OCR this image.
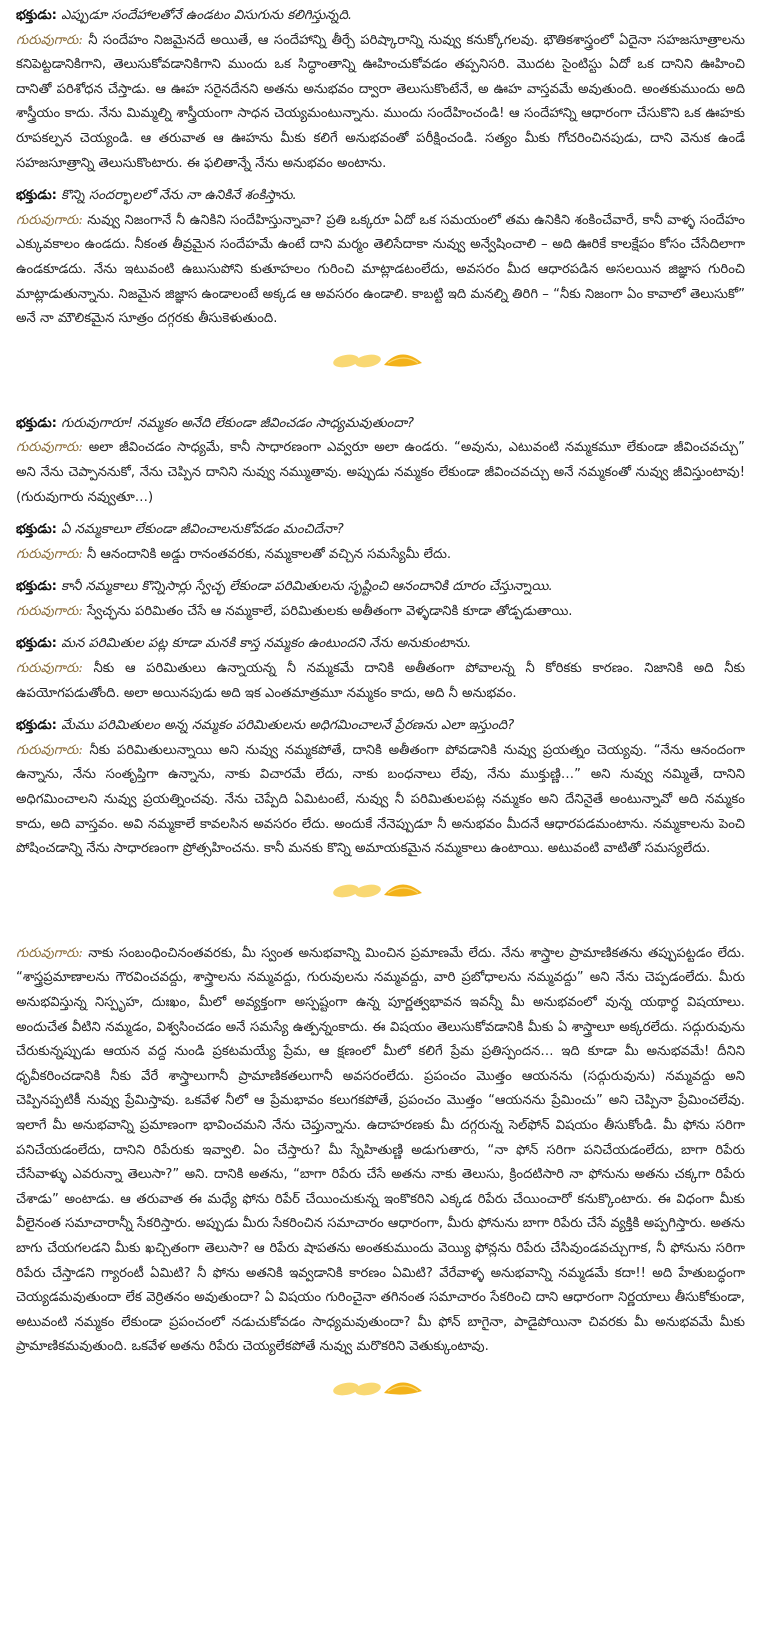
భక్తుడు: ఎప్పుడూ సందేహాలతోనే ఉండటం విసుగును కలిగిస్తున్నది.

గురువుగారు: నీ సందేహం నిజమైనదే అయితే, ఆ సందేహాన్ని తీర్చే పరిష్కారాన్ని నువ్వు కనుక్కోగలవు. భౌతికశాస్త్రంలో ఏదైనా సహజసూత్రాలను కనిపెట్టడానికిగాని, తెలుసుకోవడానికిగాని ముందు ఒక సిద్ధాంతాన్ని ఊహించుకోవడం తప్పనిసరి. మొదట సైంటిస్టు ఏదో ఒక దానిని ఊహించి దానితో పరిశోధన చేస్తాడు. ఆ ఊహ సరైనదేనని అతను అనుభవం ద్వారా తెలుసుకొంటేనే, అ ఊహ వాస్తవమే అవుతుంది. అంతకుముందు అది శాస్త్రీయం కాదు. నేను మిమ్మల్ని శాస్త్రీయంగా సాధన చెయ్యమంటున్నాను. ముందు సందేహించండి! ఆ సందేహాన్ని ఆధారంగా చేసుకొని ఒక ఊహకు రూపకల్పన చెయ్యండి. ఆ తరువాత ఆ ఊహను మీకు కలిగే అనుభవంతో పరీక్షించండి. సత్యం మీకు గోచరించినపుడు, దాని వెనుక ఉండే సహజసూత్రాన్ని తెలుసుకొంటారు. ఈ ఫలితాన్నే నేను అనుభవం అంటాను.

భక్తుడు: కొన్ని సందర్భాలలో నేను నా ఉనికినే శంకిస్తాను.

గురువుగారు: నువ్వు నిజంగానే నీ ఉనికిని సందేహిస్తున్నావా? ప్రతి ఒక్కరూ ఏదో ఒక సమయంలో తమ ఉనికిని శంకించేవారే, కానీ వాళ్ళ సందేహం ఎక్కువకాలం ఉండదు. నీకంత తీవ్రమైన సందేహమే ఉంటే దాని మర్మం తెలిసేదాకా నువ్వు అన్వేషించాలి – అది ఊరికే కాలక్షేపం కోసం చేసేదిలాగా ఉండకూడదు. నేను ఇటువంటి ఉబుసుపోని కుతూహలం గురించి మాట్లాడటంలేదు, అవసరం మీద ఆధారపడిన అసలయిన జిజ్ఞాస గురించి మాట్లాడుతున్నాను. నిజమైన జిజ్ఞాస ఉండాలంటే అక్కడ ఆ అవసరం ఉండాలి. కాబట్టి ఇది మనల్ని తిరిగి – “నీకు నిజంగా ఏం కావాలో తెలుసుకో” అనే నా మౌలికమైన సూత్రం దగ్గరకు తీసుకెళుతుంది.

భక్తుడు: గురువుగారూ! నమ్మకం అనేది లేకుండా జీవించడం సాధ్యమవుతుందా?

గురువుగారు: అలా జీవించడం సాధ్యమే, కానీ సాధారణంగా ఎవ్వరూ అలా ఉండరు. “అవును, ఎటువంటి నమ్మకమూ లేకుండా జీవించవచ్చు” అని నేను చెప్పాననుకో, నేను చెప్పిన దానిని నువ్వు నమ్ముతావు. అప్పుడు నమ్మకం లేకుండా జీవించవచ్చు అనే నమ్మకంతో నువ్వు జీవిస్తుంటావు! (గురువుగారు నవ్వుతూ…)

భక్తుడు: ఏ నమ్మకాలూ లేకుండా జీవించాలనుకోవడం మంచిదేనా?

గురువుగారు: నీ ఆనందానికి అడ్డు రానంతవరకు, నమ్మకాలతో వచ్చిన సమస్యేమీ లేదు.

భక్తుడు: కానీ నమ్మకాలు కొన్నిసార్లు స్వేచ్ఛ లేకుండా పరిమితులను సృష్టించి ఆనందానికి దూరం చేస్తున్నాయి.

గురువుగారు: స్వేచ్ఛను పరిమితం చేసే ఆ నమ్మకాలే, పరిమితులకు అతీతంగా వెళ్ళడానికి కూడా తోడ్పడుతాయి.

భక్తుడు: మన పరిమితుల పట్ల కూడా మనకి కాస్త నమ్మకం ఉంటుందని నేను అనుకుంటాను.

గురువుగారు: నీకు ఆ పరిమితులు ఉన్నాయన్న నీ నమ్మకమే దానికి అతీతంగా పోవాలన్న నీ కోరికకు కారణం. నిజానికి అది నీకు ఉపయోగపడుతోంది. అలా అయినపుడు అది ఇక ఎంతమాత్రమూ నమ్మకం కాదు, అది నీ అనుభవం.

భక్తుడు: మేము పరిమితులం అన్న నమ్మకం పరిమితులను అధిగమించాలనే ప్రేరణను ఎలా ఇస్తుంది?

గురువుగారు: నీకు పరిమితులున్నాయి అని నువ్వు నమ్మకపోతే, దానికి అతీతంగా పోవడానికి నువ్వు ప్రయత్నం చెయ్యవు. “నేను ఆనందంగా ఉన్నాను, నేను సంతృప్తిగా ఉన్నాను, నాకు విచారమే లేదు, నాకు బంధనాలు లేవు, నేను ముక్తుణ్ణి…” అని నువ్వు నమ్మితే, దానిని అధిగమించాలని నువ్వు ప్రయత్నించవు. నేను చెప్పేది ఏమిటంటే, నువ్వు నీ పరిమితులపట్ల నమ్మకం అని దేనినైతే అంటున్నావో అది నమ్మకం కాదు, అది వాస్తవం. అవి నమ్మకాలే కావలసిన అవసరం లేదు. అందుకే నేనెప్పుడూ నీ అనుభవం మీదనే ఆధారపడమంటాను. నమ్మకాలను పెంచి పోషించడాన్ని నేను సాధారణంగా ప్రోత్సహించను. కానీ మనకు కొన్ని అమాయకమైన నమ్మకాలు ఉంటాయి. అటువంటి వాటితో సమస్యలేదు.

గురువుగారు: నాకు సంబంధించినంతవరకు, మీ స్వంత అనుభవాన్ని మించిన ప్రమాణమే లేదు. నేను శాస్త్రాల ప్రామాణికతను తప్పుపట్టడం లేదు. “శాస్త్రప్రమాణాలను గౌరవించవద్దు, శాస్త్రాలను నమ్మవద్దు, గురువులను నమ్మవద్దు, వారి ప్రబోధాలను నమ్మవద్దు” అని నేను చెప్పడంలేదు. మీరు అనుభవిస్తున్న నిస్పృహ, దుఃఖం, మీలో అవ్యక్తంగా అస్పష్టంగా ఉన్న పూర్ణత్వభావన ఇవన్నీ మీ అనుభవంలో వున్న యథార్థ విషయాలు. అందుచేత వీటిని నమ్మడం, విశ్వసించడం అనే సమస్యే ఉత్పన్నంకాదు. ఈ విషయం తెలుసుకోవడానికి మీకు ఏ శాస్త్రాలూ అక్కరలేదు. సద్గురువును చేరుకున్నప్పుడు ఆయన వద్ద నుండి ప్రకటమయ్యే ప్రేమ, ఆ క్షణంలో మీలో కలిగే ప్రేమ ప్రతిస్పందన… ఇది కూడా మీ అనుభవమే! దీనిని ధృవీకరించడానికి నీకు వేరే శాస్త్రాలుగానీ ప్రామాణికతలుగానీ అవసరంలేదు. ప్రపంచం మొత్తం ఆయనను (సద్గురువును) నమ్మవద్దు అని చెప్పినప్పటికీ నువ్వు ప్రేమిస్తావు. ఒకవేళ నీలో ఆ ప్రేమభావం కలుగకపోతే, ప్రపంచం మొత్తం “ఆయనను ప్రేమించు” అని చెప్పినా ప్రేమించలేవు. ఇలాగే మీ అనుభవాన్ని ప్రమాణంగా భావించమని నేను చెప్తున్నాను. ఉదాహరణకు మీ దగ్గరున్న సెల్‌ఫోన్ విషయం తీసుకోండి. మీ ఫోను సరిగా పనిచేయడంలేదు, దానిని రిపేరుకు ఇవ్వాలి. ఏం చేస్తారు? మీ స్నేహితుణ్ణి అడుగుతారు, “నా ఫోన్ సరిగా పనిచేయడంలేదు, బాగా రిపేరు చేసేవాళ్ళు ఎవరున్నా తెలుసా?” అని. దానికి అతను, “బాగా రిపేరు చేసే అతను నాకు తెలుసు, క్రిందటిసారి నా ఫోనును అతను చక్కగా రిపేరు చేశాడు” అంటాడు. ఆ తరువాత ఈ మధ్యే ఫోను రిపేర్ చేయించుకున్న ఇంకొకరిని ఎక్కడ రిపేరు చేయించారో కనుక్కొంటారు. ఈ విధంగా మీకు వీలైనంత సమాచారాన్నీ సేకరిస్తారు. అప్పుడు మీరు సేకరించిన సమాచారం ఆధారంగా, మీరు ఫోనును బాగా రిపేరు చేసే వ్యక్తికి అప్పగిస్తారు. అతను బాగు చేయగలడని మీకు ఖచ్చితంగా తెలుసా? ఆ రిపేరు షాపతను అంతకుముందు వెయ్యి ఫోన్లను రిపేరు చేసివుండవచ్చుగాక, నీ ఫోనును సరిగా రిపేరు చేస్తాడని గ్యారంటీ ఏమిటి? నీ ఫోను అతనికి ఇవ్వడానికి కారణం ఏమిటి? వేరేవాళ్ళ అనుభవాన్ని నమ్మడమే కదా!! అది హేతుబద్ధంగా చెయ్యడమవుతుందా లేక వెర్రితనం అవుతుందా? ఏ విషయం గురించైనా తగినంత సమాచారం సేకరించి దాని ఆధారంగా నిర్ణయాలు తీసుకోకుండా, అటువంటి నమ్మకం లేకుండా ప్రపంచంలో నడుచుకోవడం సాధ్యమవుతుందా? మీ ఫోన్ బాగైనా, పాడైపోయినా చివరకు మీ అనుభవమే మీకు ప్రామాణికమవుతుంది. ఒకవేళ అతను రిపేరు చెయ్యలేకపోతే నువ్వు మరొకరిని వెతుక్కుంటావు.
